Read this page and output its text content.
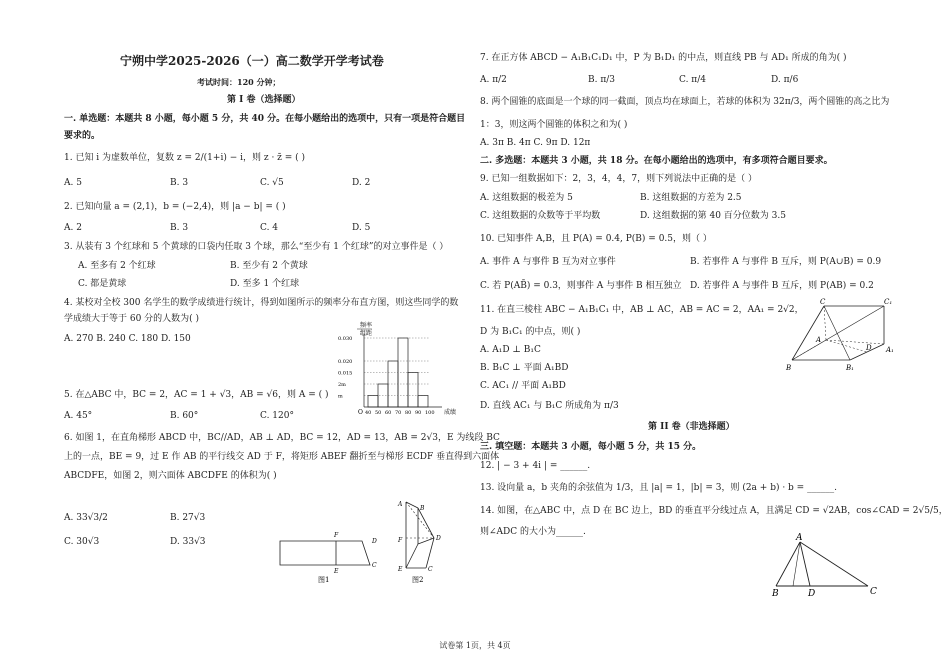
宁朔中学2025-2026（一）高二数学开学考试卷
考试时间：120 分钟；
第 I 卷（选择题）
一. 单选题：本题共 8 小题，每小题 5 分，共 40 分。在每小题给出的选项中，只有一项是符合题目
要求的。
1. 已知 i 为虚数单位，复数 z = 2/(1+i) − i，则 z · z̄ = ( )
A. 5	B. 3	C. √5	D. 2
2. 已知向量 a = (2,1)，b = (−2,4)，则 |a − b| = ( )
A. 2	B. 3	C. 4	D. 5
3. 从装有 3 个红球和 5 个黄球的口袋内任取 3 个球，那么“至少有 1 个红球”的对立事件是（ ）
A. 至多有 2 个红球	B. 至少有 2 个黄球
C. 都是黄球	D. 至多 1 个红球
4. 某校对全校 300 名学生的数学成绩进行统计，得到如图所示的频率分布直方图，则这些同学的数
学成绩大于等于 60 分的人数为( )
A. 270 B. 240 C. 180 D. 150
频率
组距
0.030
0.020
0.015
2m
m
40 50 60 70 80 90 100
O	成绩
5. 在△ABC 中，BC = 2，AC = 1 + √3，AB = √6，则 A = ( )
A. 45°	B. 60°	C. 120°
6. 如图 1，在直角梯形 ABCD 中，BC//AD，AB ⊥ AD，BC = 12，AD = 13，AB = 2√3，E 为线段 BC
上的一点，BE = 9，过 E 作 AB 的平行线交 AD 于 F，将矩形 ABEF 翻折至与梯形 ECDF 垂直得到六面体
ABCDFE，如图 2，则六面体 ABCDFE 的体积为( )
A. 33√3/2	B. 27√3
C. 30√3	D. 33√3
F
D
E
C
图1
A
B
D
F
E	C
图2
7. 在正方体 ABCD − A₁B₁C₁D₁ 中，P 为 B₁D₁ 的中点，则直线 PB 与 AD₁ 所成的角为( )
A. π/2	B. π/3	C. π/4	D. π/6
8. 两个圆锥的底面是一个球的同一截面，顶点均在球面上，若球的体积为 32π/3，两个圆锥的高之比为
1：3，则这两个圆锥的体积之和为( )
A. 3π B. 4π C. 9π D. 12π
二. 多选题：本题共 3 小题，共 18 分。在每小题给出的选项中，有多项符合题目要求。
9. 已知一组数据如下：2，3，4，4，7，则下列说法中正确的是（ ）
A. 这组数据的极差为 5	B. 这组数据的方差为 2.5
C. 这组数据的众数等于平均数	D. 这组数据的第 40 百分位数为 3.5
10. 已知事件 A,B，且 P(A) = 0.4, P(B) = 0.5，则（ ）
A. 事件 A 与事件 B 互为对立事件	B. 若事件 A 与事件 B 互斥，则 P(A∪B) = 0.9
C. 若 P(AB̄) = 0.3，则事件 A 与事件 B 相互独立 D. 若事件 A 与事件 B 互斥，则 P(AB) = 0.2
11. 在直三棱柱 ABC − A₁B₁C₁ 中，AB ⊥ AC，AB = AC = 2，AA₁ = 2√2，
D 为 B₁C₁ 的中点，则( )
A. A₁D ⊥ B₁C
B. B₁C ⊥ 平面 A₁BD
C. AC₁ // 平面 A₁BD
D. 直线 AC₁ 与 B₁C 所成角为 π/3
C	C₁
A
A₁
D
B	B₁
第 II 卷（非选择题）
三. 填空题：本题共 3 小题，每小题 5 分，共 15 分。
12. | − 3 + 4i | = ______.
13. 设向量 a，b 夹角的余弦值为 1/3，且 |a| = 1，|b| = 3，则 (2a + b) · b = ______.
14. 如图，在△ABC 中，点 D 在 BC 边上，BD 的垂直平分线过点 A，且满足 CD = √2AB，cos∠CAD = 2√5/5，
则∠ADC 的大小为______.
A
B	D	C
试卷第 1页，共 4页
